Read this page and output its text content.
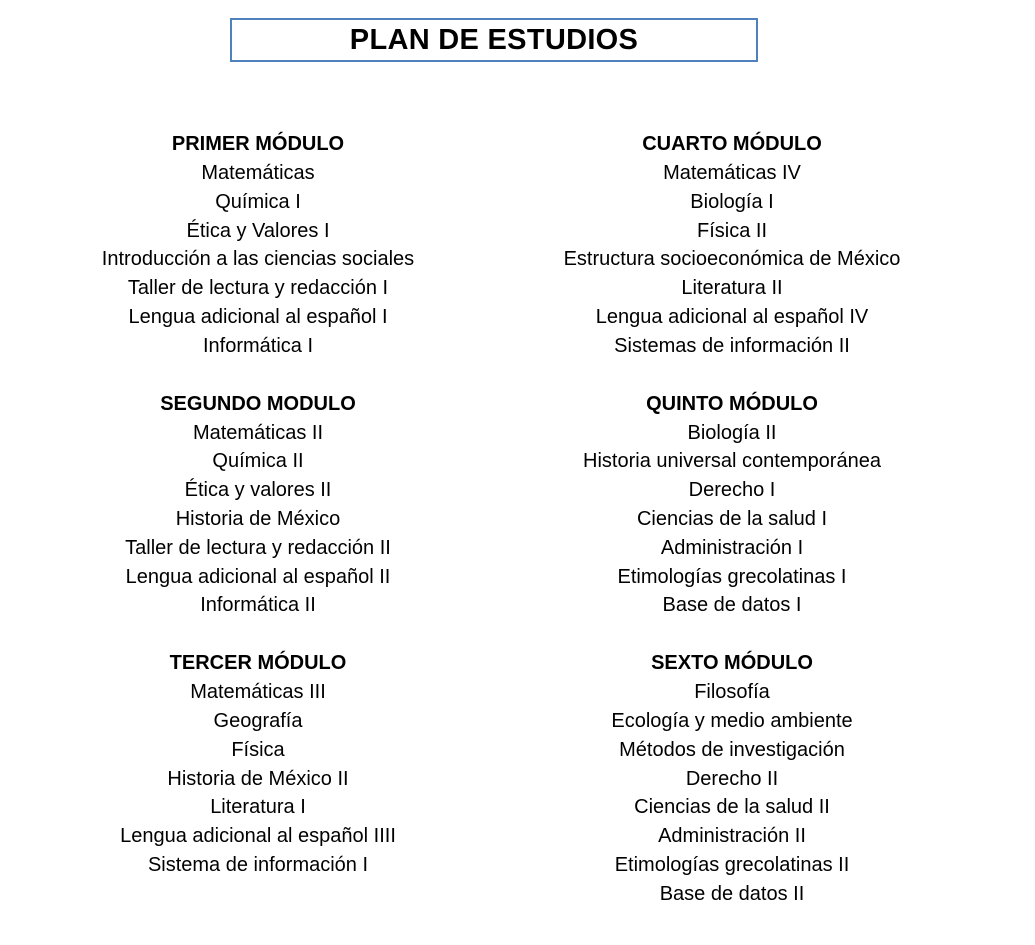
PLAN DE ESTUDIOS
PRIMER MÓDULO
Matemáticas
Química I
Ética y Valores I
Introducción a las ciencias sociales
Taller de lectura y redacción I
Lengua adicional al español I
Informática I
SEGUNDO MODULO
Matemáticas II
Química II
Ética y valores II
Historia de México
Taller de lectura y redacción II
Lengua adicional al español II
Informática II
TERCER MÓDULO
Matemáticas III
Geografía
Física
Historia de México II
Literatura I
Lengua adicional al español IIII
Sistema de información I
CUARTO MÓDULO
Matemáticas IV
Biología I
Física II
Estructura socioeconómica de México
Literatura II
Lengua adicional al español IV
Sistemas de información II
QUINTO MÓDULO
Biología II
Historia universal contemporánea
Derecho I
Ciencias de la salud I
Administración I
Etimologías grecolatinas I
Base de datos I
SEXTO MÓDULO
Filosofía
Ecología y medio ambiente
Métodos de investigación
Derecho II
Ciencias de la salud II
Administración II
Etimologías grecolatinas II
Base de datos II
